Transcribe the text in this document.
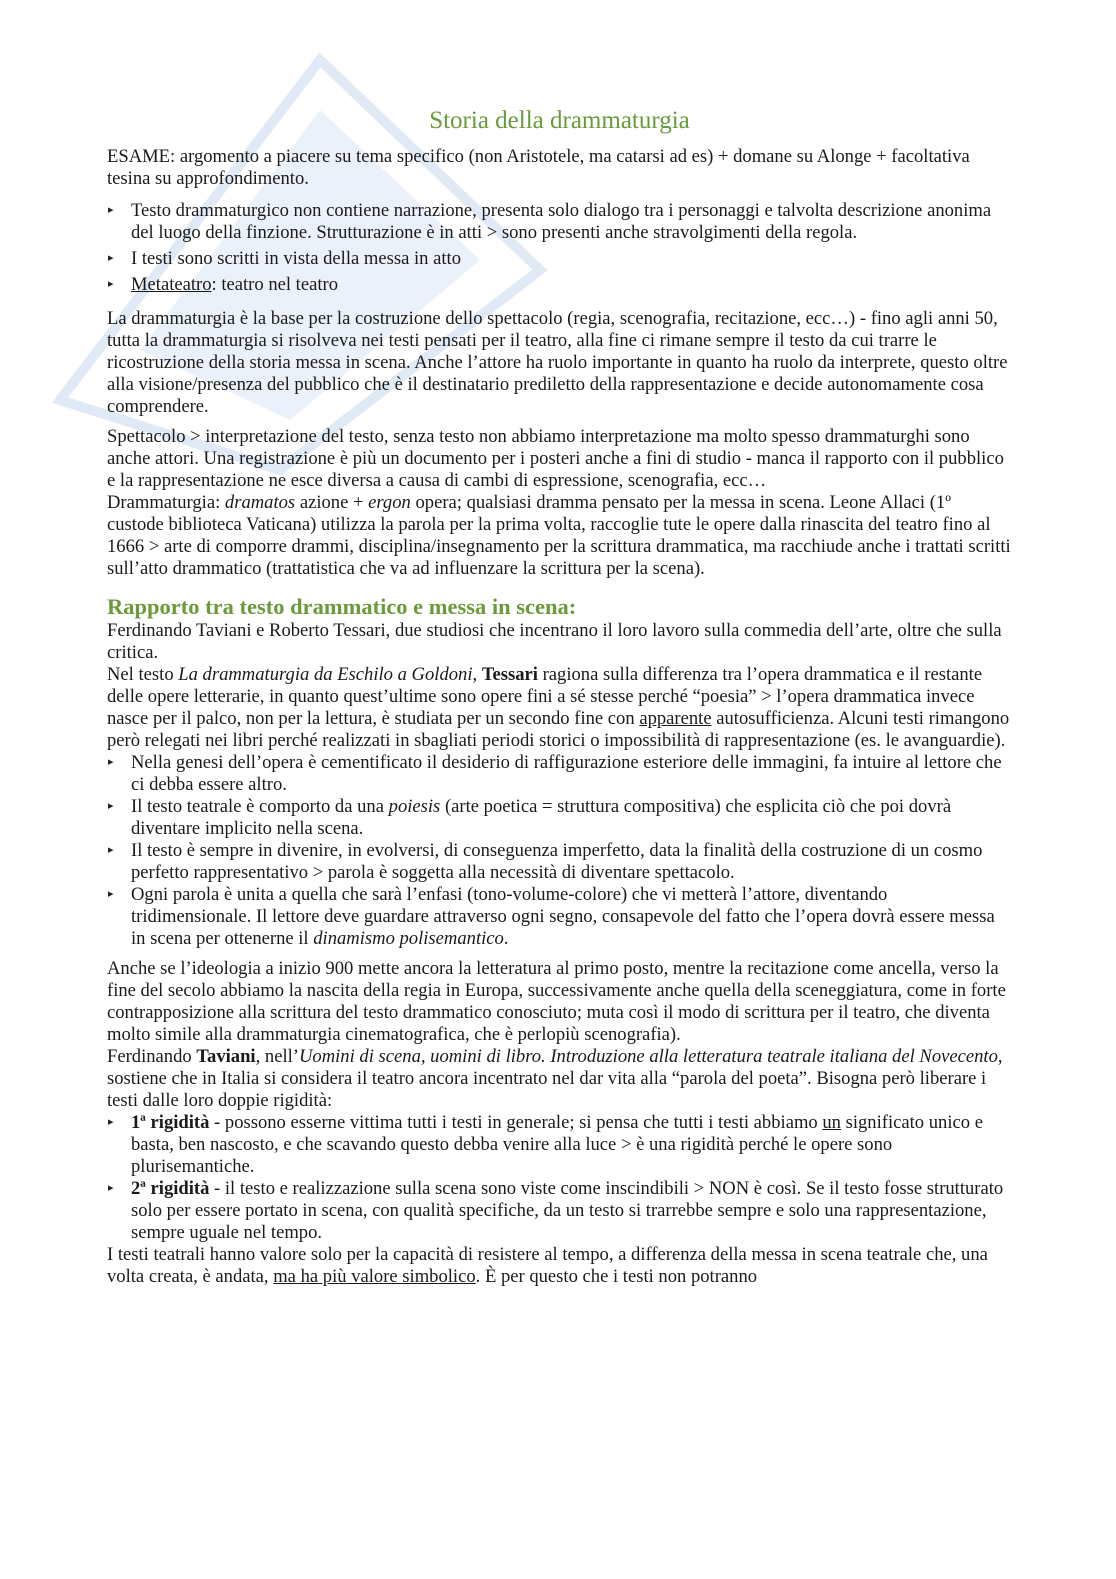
Storia della drammaturgia

ESAME: argomento a piacere su tema specifico (non Aristotele, ma catarsi ad es) + domane su Alonge + facoltativa tesina su approfondimento.

▸ Testo drammaturgico non contiene narrazione, presenta solo dialogo tra i personaggi e talvolta descrizione anonima del luogo della finzione. Strutturazione è in atti > sono presenti anche stravolgimenti della regola.
▸ I testi sono scritti in vista della messa in atto
▸ Metateatro: teatro nel teatro

La drammaturgia è la base per la costruzione dello spettacolo (regia, scenografia, recitazione, ecc…) - fino agli anni 50, tutta la drammaturgia si risolveva nei testi pensati per il teatro, alla fine ci rimane sempre il testo da cui trarre le ricostruzione della storia messa in scena. Anche l’attore ha ruolo importante in quanto ha ruolo da interprete, questo oltre alla visione/presenza del pubblico che è il destinatario prediletto della rappresentazione e decide autonomamente cosa comprendere.

Spettacolo > interpretazione del testo, senza testo non abbiamo interpretazione ma molto spesso drammaturghi sono anche attori. Una registrazione è più un documento per i posteri anche a fini di studio - manca il rapporto con il pubblico e la rappresentazione ne esce diversa a causa di cambi di espressione, scenografia, ecc…

Drammaturgia: dramatos azione + ergon opera; qualsiasi dramma pensato per la messa in scena. Leone Allaci (1º custode biblioteca Vaticana) utilizza la parola per la prima volta, raccoglie tute le opere dalla rinascita del teatro fino al 1666 > arte di comporre drammi, disciplina/insegnamento per la scrittura drammatica, ma racchiude anche i trattati scritti sull’atto drammatico (trattatistica che va ad influenzare la scrittura per la scena).

Rapporto tra testo drammatico e messa in scena:

Ferdinando Taviani e Roberto Tessari, due studiosi che incentrano il loro lavoro sulla commedia dell’arte, oltre che sulla critica.

Nel testo La drammaturgia da Eschilo a Goldoni, Tessari ragiona sulla differenza tra l’opera drammatica e il restante delle opere letterarie, in quanto quest’ultime sono opere fini a sé stesse perché “poesia” > l’opera drammatica invece nasce per il palco, non per la lettura, è studiata per un secondo fine con apparente autosufficienza. Alcuni testi rimangono però relegati nei libri perché realizzati in sbagliati periodi storici o impossibilità di rappresentazione (es. le avanguardie).

▸ Nella genesi dell’opera è cementificato il desiderio di raffigurazione esteriore delle immagini, fa intuire al lettore che ci debba essere altro.
▸ Il testo teatrale è comporto da una poiesis (arte poetica = struttura compositiva) che esplicita ciò che poi dovrà diventare implicito nella scena.
▸ Il testo è sempre in divenire, in evolversi, di conseguenza imperfetto, data la finalità della costruzione di un cosmo perfetto rappresentativo > parola è soggetta alla necessità di diventare spettacolo.
▸ Ogni parola è unita a quella che sarà l’enfasi (tono-volume-colore) che vi metterà l’attore, diventando tridimensionale. Il lettore deve guardare attraverso ogni segno, consapevole del fatto che l’opera dovrà essere messa in scena per ottenerne il dinamismo polisemantico.

Anche se l’ideologia a inizio 900 mette ancora la letteratura al primo posto, mentre la recitazione come ancella, verso la fine del secolo abbiamo la nascita della regia in Europa, successivamente anche quella della sceneggiatura, come in forte contrapposizione alla scrittura del testo drammatico conosciuto; muta così il modo di scrittura per il teatro, che diventa molto simile alla drammaturgia cinematografica, che è perlopiù scenografia).

Ferdinando Taviani, nell’Uomini di scena, uomini di libro. Introduzione alla letteratura teatrale italiana del Novecento, sostiene che in Italia si considera il teatro ancora incentrato nel dar vita alla “parola del poeta”. Bisogna però liberare i testi dalle loro doppie rigidità:

▸ 1ª rigidità - possono esserne vittima tutti i testi in generale; si pensa che tutti i testi abbiamo un significato unico e basta, ben nascosto, e che scavando questo debba venire alla luce > è una rigidità perché le opere sono plurisemantiche.
▸ 2ª rigidità - il testo e realizzazione sulla scena sono viste come inscindibili > NON è così. Se il testo fosse strutturato solo per essere portato in scena, con qualità specifiche, da un testo si trarrebbe sempre e solo una rappresentazione, sempre uguale nel tempo.

I testi teatrali hanno valore solo per la capacità di resistere al tempo, a differenza della messa in scena teatrale che, una volta creata, è andata, ma ha più valore simbolico. È per questo che i testi non potranno
